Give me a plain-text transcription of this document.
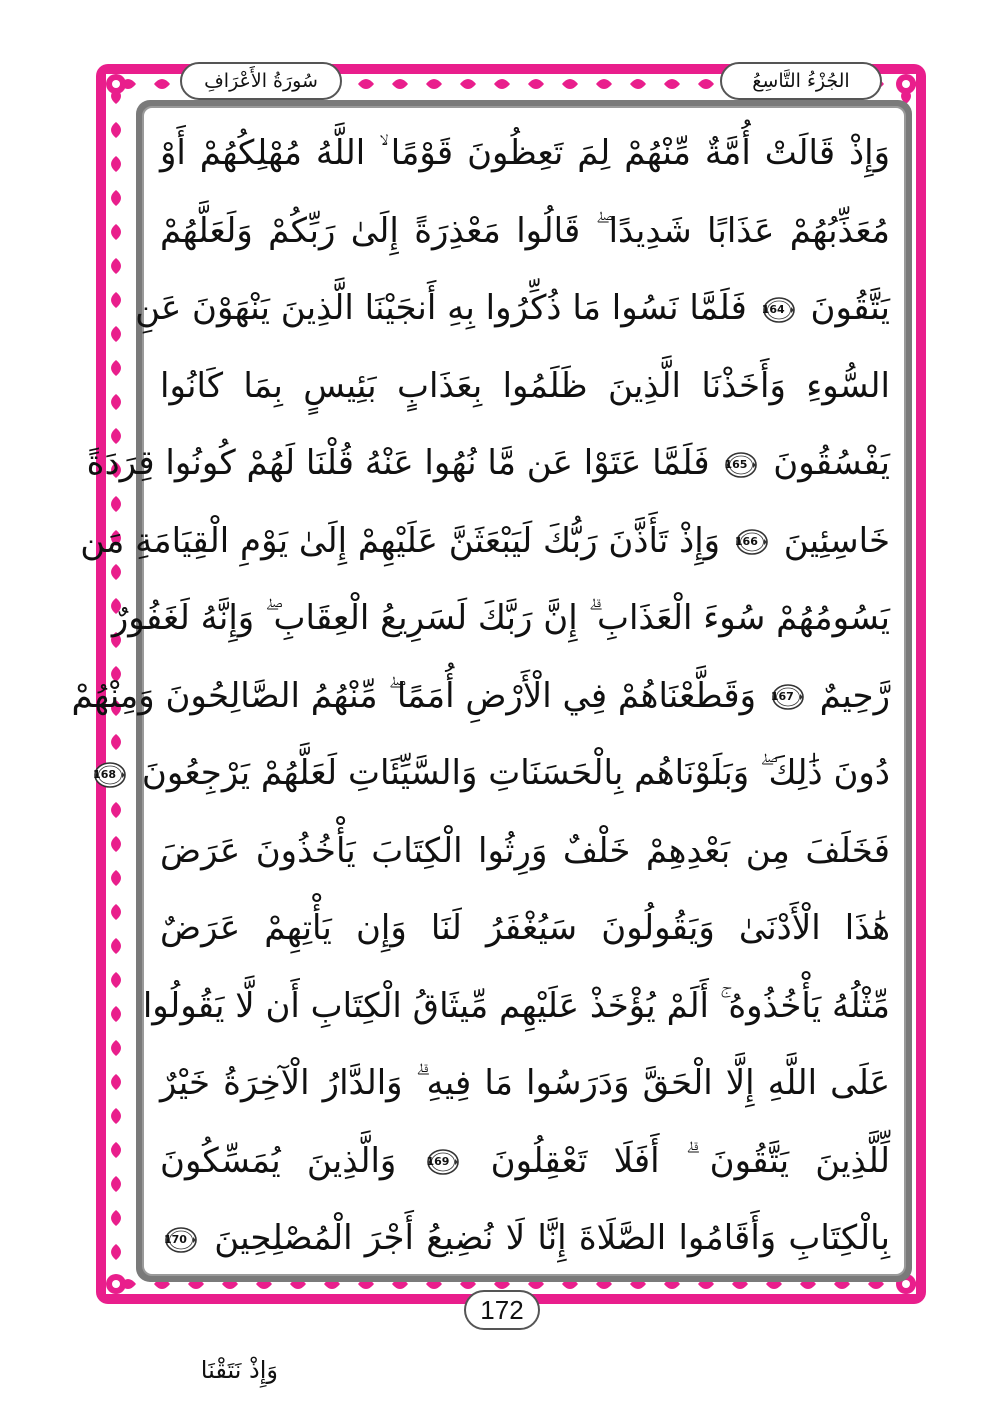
الجُزْءُ التَّاسِعُ
سُورَةُ الأَعْرَافِ
وَإِذْ قَالَتْ أُمَّةٌ مِّنْهُمْ لِمَ تَعِظُونَ قَوْمًا ۙ اللَّهُ مُهْلِكُهُمْ أَوْ
مُعَذِّبُهُمْ عَذَابًا شَدِيدًا ۖ قَالُوا مَعْذِرَةً إِلَىٰ رَبِّكُمْ وَلَعَلَّهُمْ
يَتَّقُونَ
164
فَلَمَّا نَسُوا مَا ذُكِّرُوا بِهِ أَنجَيْنَا الَّذِينَ يَنْهَوْنَ عَنِ
السُّوءِ وَأَخَذْنَا الَّذِينَ ظَلَمُوا بِعَذَابٍ بَئِيسٍ بِمَا كَانُوا
يَفْسُقُونَ
165
فَلَمَّا عَتَوْا عَن مَّا نُهُوا عَنْهُ قُلْنَا لَهُمْ كُونُوا قِرَدَةً
خَاسِئِينَ
166
وَإِذْ تَأَذَّنَ رَبُّكَ لَيَبْعَثَنَّ عَلَيْهِمْ إِلَىٰ يَوْمِ الْقِيَامَةِ مَن
يَسُومُهُمْ سُوءَ الْعَذَابِ ۗ إِنَّ رَبَّكَ لَسَرِيعُ الْعِقَابِ ۖ وَإِنَّهُ لَغَفُورٌ
رَّحِيمٌ
167
وَقَطَّعْنَاهُمْ فِي الْأَرْضِ أُمَمًا ۖ مِّنْهُمُ الصَّالِحُونَ وَمِنْهُمْ
دُونَ ذَٰلِكَ ۖ وَبَلَوْنَاهُم بِالْحَسَنَاتِ وَالسَّيِّئَاتِ لَعَلَّهُمْ يَرْجِعُونَ
168
فَخَلَفَ مِن بَعْدِهِمْ خَلْفٌ وَرِثُوا الْكِتَابَ يَأْخُذُونَ عَرَضَ
هَٰذَا الْأَدْنَىٰ وَيَقُولُونَ سَيُغْفَرُ لَنَا وَإِن يَأْتِهِمْ عَرَضٌ
مِّثْلُهُ يَأْخُذُوهُ ۚ أَلَمْ يُؤْخَذْ عَلَيْهِم مِّيثَاقُ الْكِتَابِ أَن لَّا يَقُولُوا
عَلَى اللَّهِ إِلَّا الْحَقَّ وَدَرَسُوا مَا فِيهِ ۗ وَالدَّارُ الْآخِرَةُ خَيْرٌ
لِّلَّذِينَ يَتَّقُونَ ۗ أَفَلَا تَعْقِلُونَ
169
وَالَّذِينَ يُمَسِّكُونَ
بِالْكِتَابِ وَأَقَامُوا الصَّلَاةَ إِنَّا لَا نُضِيعُ أَجْرَ الْمُصْلِحِينَ
170
172
وَإِذْ نَتَقْنَا
